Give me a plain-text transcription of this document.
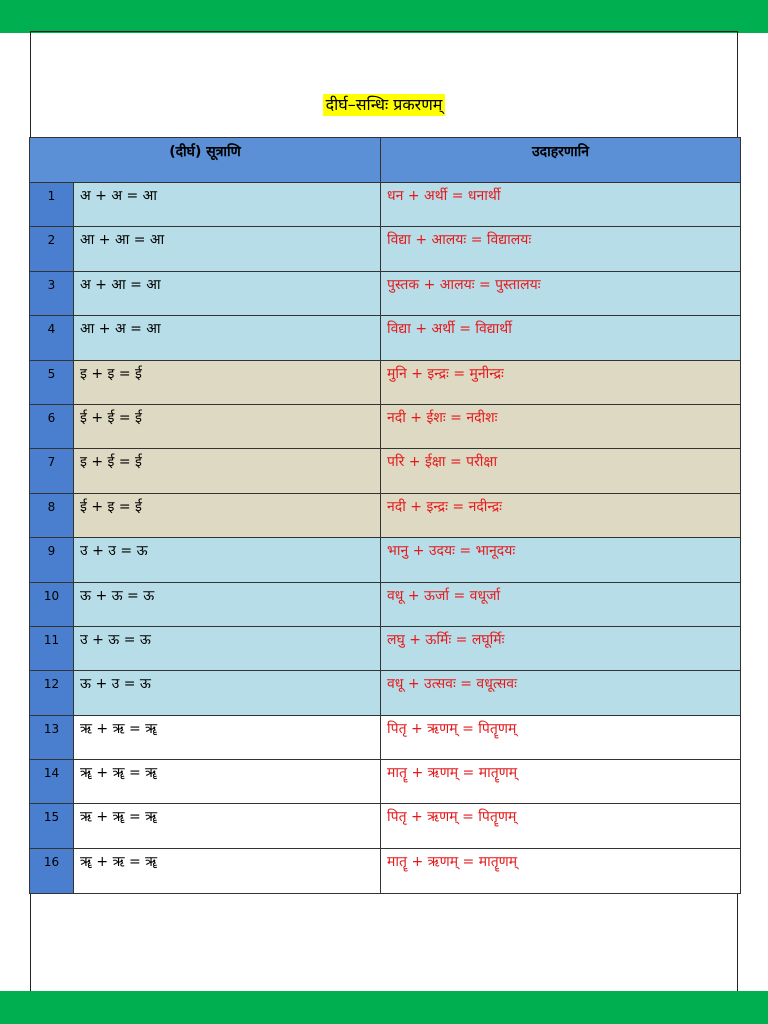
दीर्घ–सन्धिः प्रकरणम्
(दीर्घ) सूत्राणि		उदाहरणानि
1	अ + अ = आ	धन + अर्थी = धनार्थी
2	आ + आ = आ	विद्या + आलयः = विद्यालयः
3	अ + आ = आ	पुस्तक + आलयः = पुस्तालयः
4	आ + अ = आ	विद्या + अर्थी = विद्यार्थी
5	इ + इ = ई	मुनि + इन्द्रः = मुनीन्द्रः
6	ई + ई = ई	नदी + ईशः = नदीशः
7	इ + ई = ई	परि + ईक्षा = परीक्षा
8	ई + इ = ई	नदी + इन्द्रः = नदीन्द्रः
9	उ + उ = ऊ	भानु + उदयः = भानूदयः
10	ऊ + ऊ = ऊ	वधू + ऊर्जा = वधूर्जा
11	उ + ऊ = ऊ	लघु + ऊर्मिः = लघूर्मिः
12	ऊ + उ = ऊ	वधू + उत्सवः = वधूत्सवः
13	ऋ + ऋ = ॠ	पितृ + ऋणम् = पितॄणम्
14	ॠ + ॠ = ॠ	मातॄ + ऋणम् = मातॄणम्
15	ऋ + ॠ = ॠ	पितृ + ऋणम् = पितॄणम्
16	ॠ + ऋ = ॠ	मातॄ + ऋणम् = मातॄणम्
